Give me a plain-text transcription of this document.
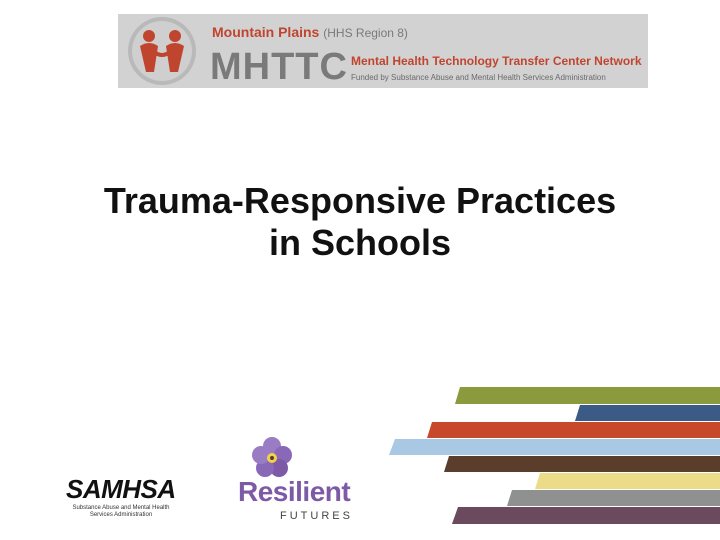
Mountain Plains (HHS Region 8)
MHTTC Mental Health Technology Transfer Center Network
Funded by Substance Abuse and Mental Health Services Administration
Trauma-Responsive Practices
in Schools
SAMHSA
Substance Abuse and Mental Health Services Administration
Resilient
FUTURES
